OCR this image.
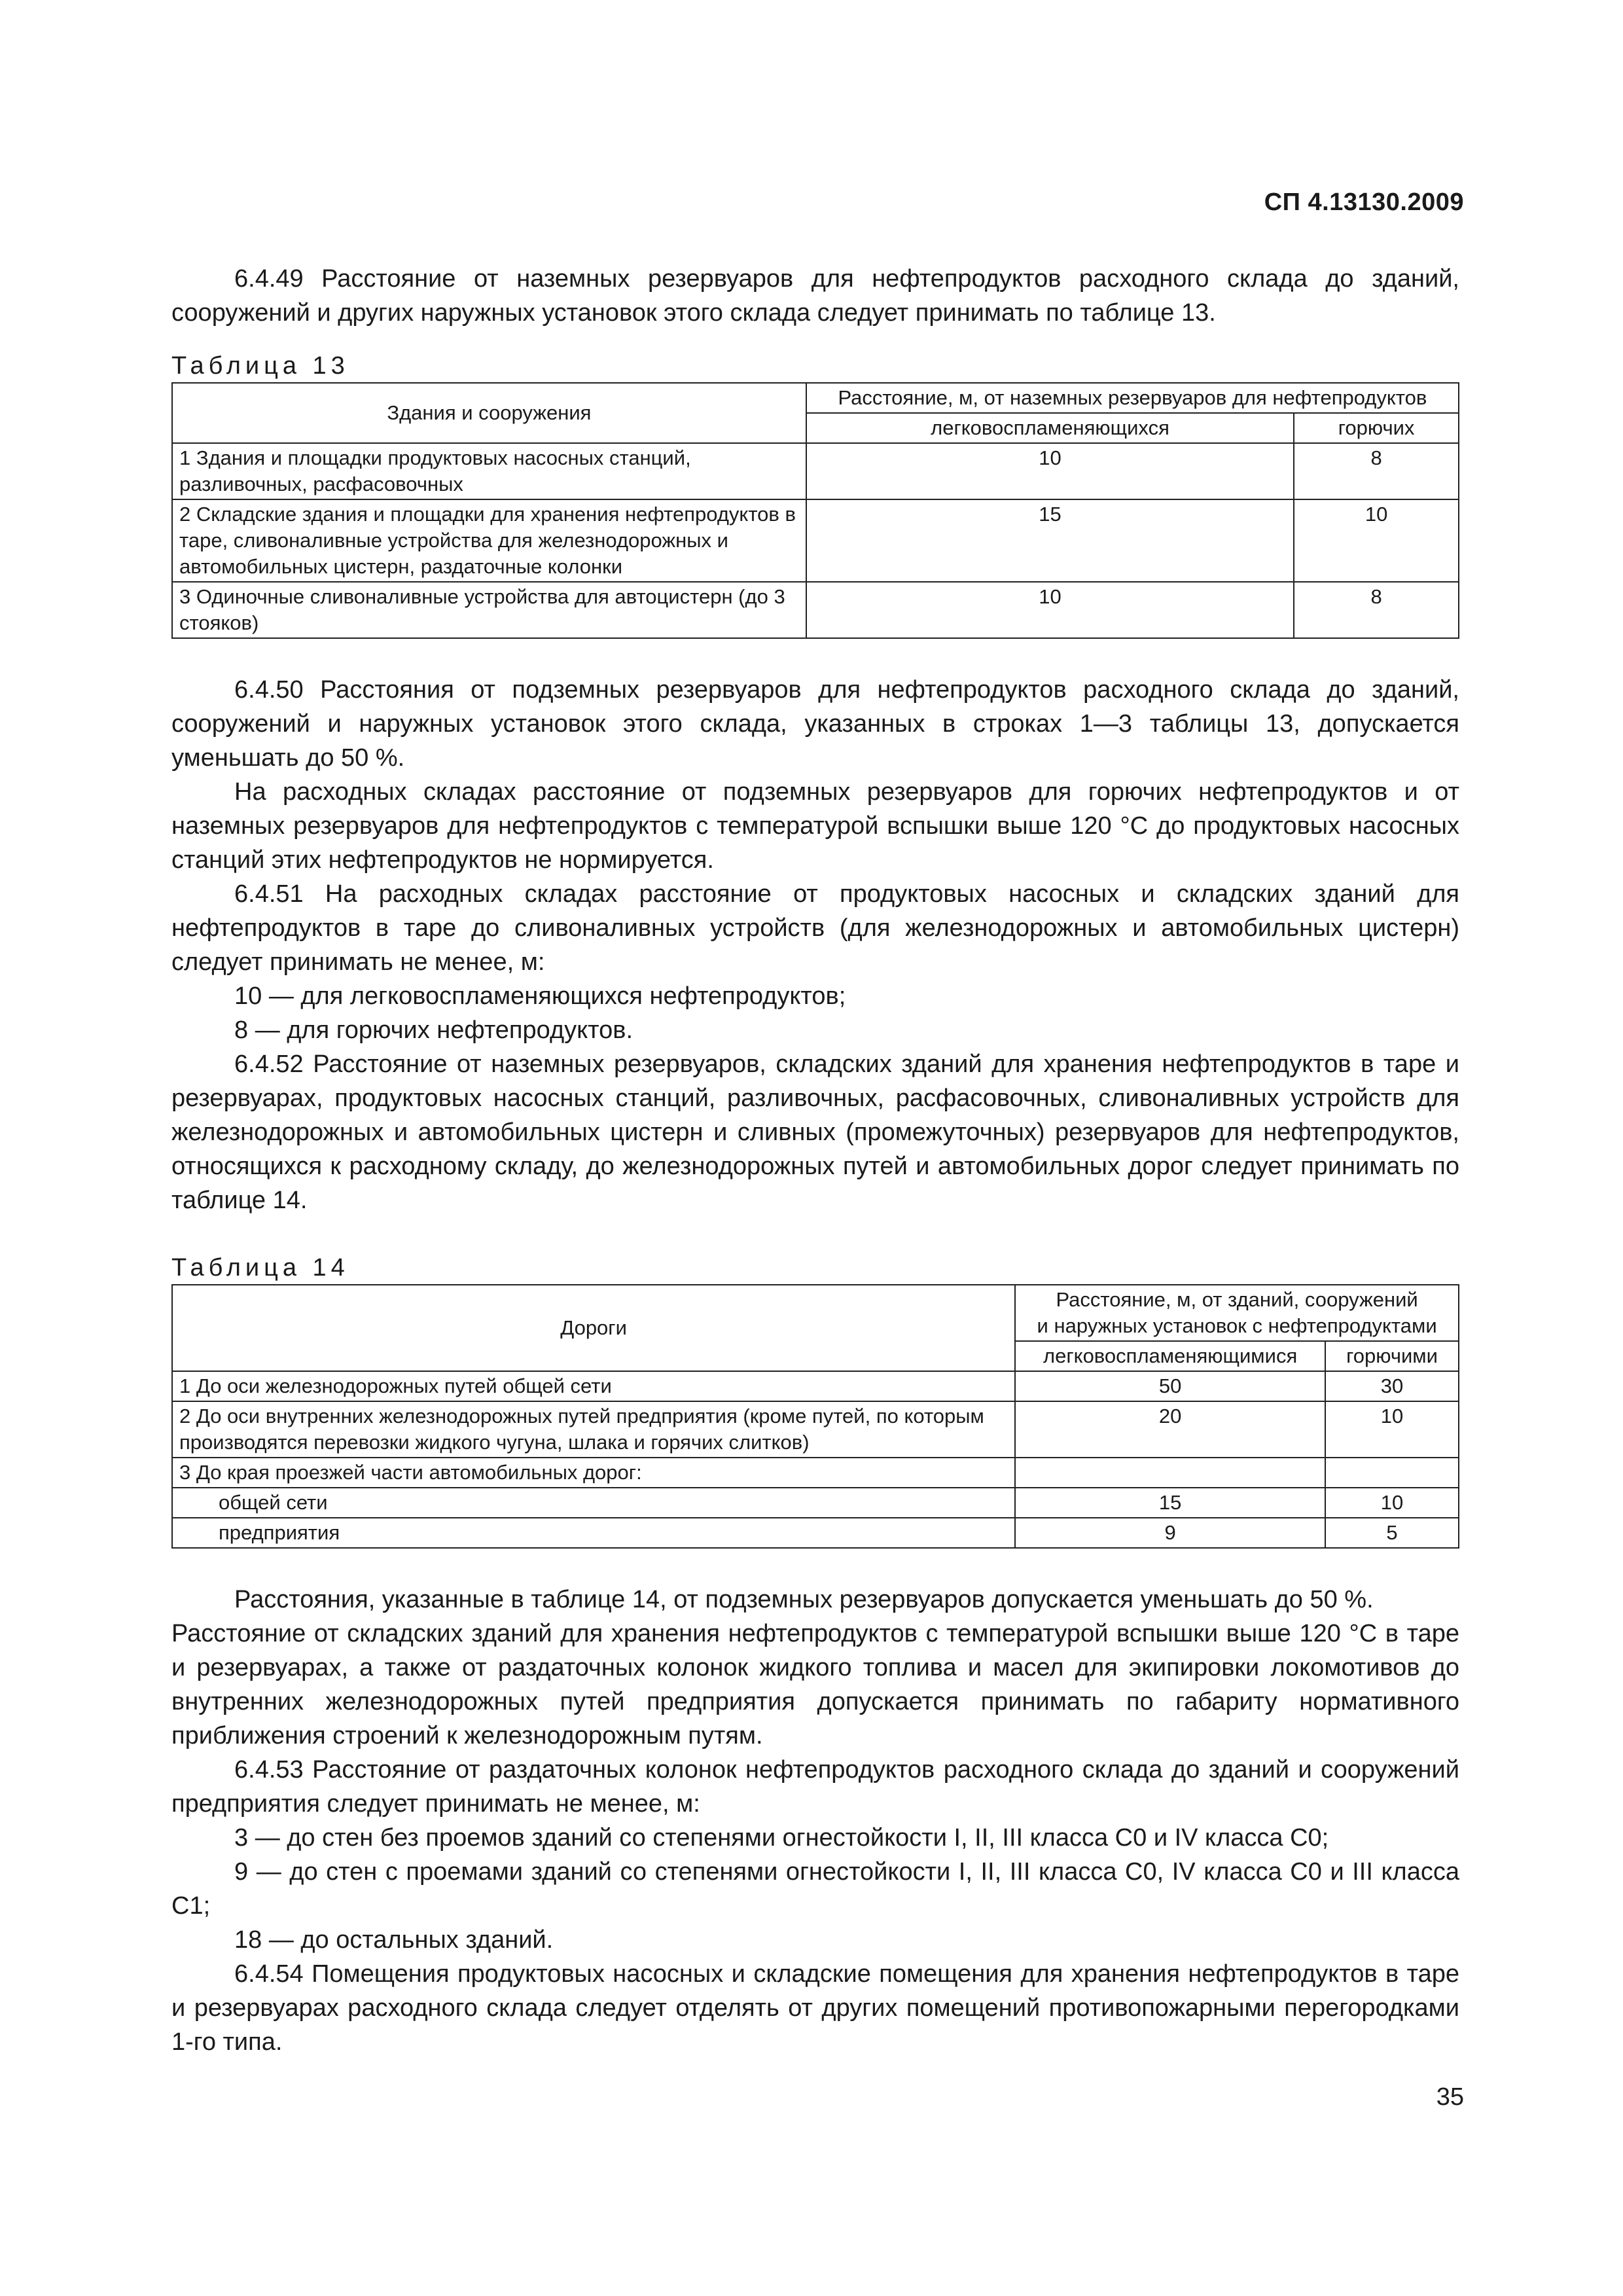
СП 4.13130.2009

6.4.49 Расстояние от наземных резервуаров для нефтепродуктов расходного склада до зданий, сооружений и других наружных установок этого склада следует принимать по таблице 13.

Таблица 13

Здания и сооружения	Расстояние, м, от наземных резервуаров для нефтепродуктов	
	легковоспламеняющихся	горючих
1 Здания и площадки продуктовых насосных станций, разливочных, расфасовочных	10	8
2 Складские здания и площадки для хранения нефтепродуктов в таре, сливоналивные устройства для железнодорожных и автомобильных цистерн, раздаточные колонки	15	10
3 Одиночные сливоналивные устройства для автоцистерн (до 3 стояков)	10	8

6.4.50 Расстояния от подземных резервуаров для нефтепродуктов расходного склада до зданий, сооружений и наружных установок этого склада, указанных в строках 1—3 таблицы 13, допускается уменьшать до 50 %.

На расходных складах расстояние от подземных резервуаров для горючих нефтепродуктов и от наземных резервуаров для нефтепродуктов с температурой вспышки выше 120 °С до продуктовых насосных станций этих нефтепродуктов не нормируется.

6.4.51 На расходных складах расстояние от продуктовых насосных и складских зданий для нефтепродуктов в таре до сливоналивных устройств (для железнодорожных и автомобильных цистерн) следует принимать не менее, м:

10 — для легковоспламеняющихся нефтепродуктов;

8 — для горючих нефтепродуктов.

6.4.52 Расстояние от наземных резервуаров, складских зданий для хранения нефтепродуктов в таре и резервуарах, продуктовых насосных станций, разливочных, расфасовочных, сливоналивных устройств для железнодорожных и автомобильных цистерн и сливных (промежуточных) резервуаров для нефтепродуктов, относящихся к расходному складу, до железнодорожных путей и автомобильных дорог следует принимать по таблице 14.

Таблица 14

Дороги	Расстояние, м, от зданий, сооружений
и наружных установок с нефтепродуктами	

	легковоспламеняющимися	горючими
1 До оси железнодорожных путей общей сети	50	30
2 До оси внутренних железнодорожных путей предприятия (кроме путей, по которым производятся перевозки жидкого чугуна, шлака и горячих слитков)	20	10
3 До края проезжей части автомобильных дорог:		
общей сети	15	10
предприятия	9	5

Расстояния, указанные в таблице 14, от подземных резервуаров допускается уменьшать до 50 %.

Расстояние от складских зданий для хранения нефтепродуктов с температурой вспышки выше 120 °С в таре и резервуарах, а также от раздаточных колонок жидкого топлива и масел для экипировки локомотивов до внутренних железнодорожных путей предприятия допускается принимать по габариту нормативного приближения строений к железнодорожным путям.

6.4.53 Расстояние от раздаточных колонок нефтепродуктов расходного склада до зданий и сооружений предприятия следует принимать не менее, м:

3 — до стен без проемов зданий со степенями огнестойкости I, II, III класса С0 и IV класса С0;

9 — до стен с проемами зданий со степенями огнестойкости I, II, III класса С0, IV класса С0 и III класса С1;

18 — до остальных зданий.

6.4.54 Помещения продуктовых насосных и складские помещения для хранения нефтепродуктов в таре и резервуарах расходного склада следует отделять от других помещений противопожарными перегородками 1-го типа.

35
